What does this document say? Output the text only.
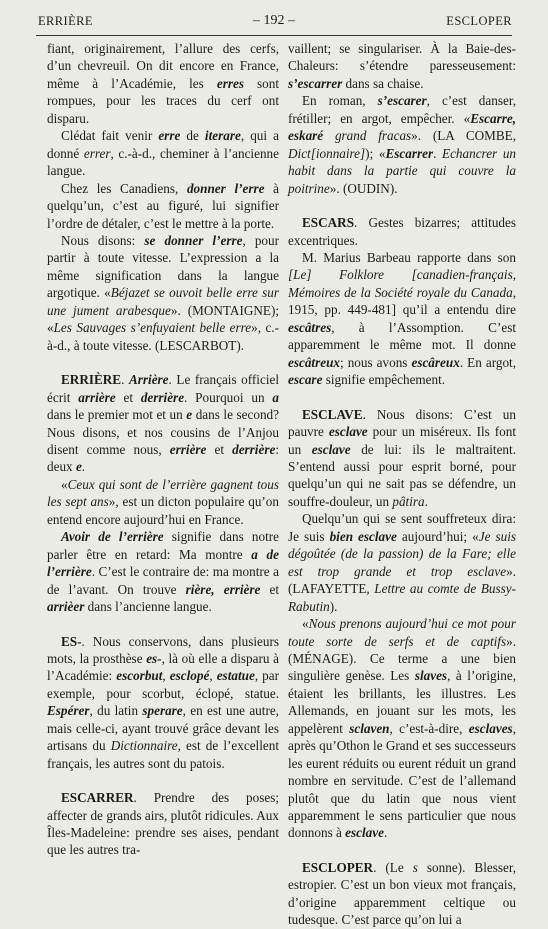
ERRIÈRE	– 192 –	ESCLOPER

fiant, originairement, l’allure des cerfs, d’un chevreuil. On dit encore en France, même à l’Académie, les erres sont rompues, pour les traces du cerf ont disparu.

Clédat fait venir erre de iterare, qui a donné errer, c.-à-d., cheminer à l’ancienne langue.

Chez les Canadiens, donner l’erre à quelqu’un, c’est au figuré, lui signifier l’ordre de détaler, c’est le mettre à la porte.

Nous disons: se donner l’erre, pour partir à toute vitesse. L’expression a la même signification dans la langue argotique. «Béjazet se ouvoit belle erre sur une jument arabesque». (MONTAIGNE); «Les Sauvages s’enfuyaient belle erre», c.-à-d., à toute vitesse. (LESCARBOT).

ERRIÈRE. Arrière. Le français officiel écrit arrière et derrière. Pourquoi un a dans le premier mot et un e dans le second? Nous disons, et nos cousins de l’Anjou disent comme nous, errière et derrière: deux e.

«Ceux qui sont de l’errière gagnent tous les sept ans», est un dicton populaire qu’on entend encore aujourd’hui en France.

Avoir de l’errière signifie dans notre parler être en retard: Ma montre a de l’errière. C’est le contraire de: ma montre a de l’avant. On trouve rière, errière et arrièer dans l’ancienne langue.

ES-. Nous conservons, dans plusieurs mots, la prosthèse es-, là où elle a disparu à l’Académie: escorbut, esclopé, estatue, par exemple, pour scorbut, éclopé, statue. Espérer, du latin sperare, en est une autre, mais celle-ci, ayant trouvé grâce devant les artisans du Dictionnaire, est de l’excellent français, les autres sont du patois.

ESCARRER. Prendre des poses; affecter de grands airs, plutôt ridicules. Aux Îles-Madeleine: prendre ses aises, pendant que les autres tra-

vaillent; se singulariser. À la Baie-des-Chaleurs: s’étendre paresseusement: s’escarrer dans sa chaise.

En roman, s’escarer, c’est danser, frétiller; en argot, empêcher. «Escarre, eskaré grand fracas». (LA COMBE, Dict[ionnaire]); «Escarrer. Echancrer un habit dans la partie qui couvre la poitrine». (OUDIN).

ESCARS. Gestes bizarres; attitudes excentriques.

M. Marius Barbeau rapporte dans son [Le] Folklore [canadien-français, Mémoires de la Société royale du Canada, 1915, pp. 449-481] qu’il a entendu dire escâtres, à l’Assomption. C’est apparemment le même mot. Il donne escâtreux; nous avons escâreux. En argot, escare signifie empêchement.

ESCLAVE. Nous disons: C’est un pauvre esclave pour un miséreux. Ils font un esclave de lui: ils le maltraitent. S’entend aussi pour esprit borné, pour quelqu’un qui ne sait pas se défendre, un souffre-douleur, un pâtira.

Quelqu’un qui se sent souffreteux dira: Je suis bien esclave aujourd’hui; «Je suis dégoûtée (de la passion) de la Fare; elle est trop grande et trop esclave». (LAFAYETTE, Lettre au comte de Bussy-Rabutin).

«Nous prenons aujourd’hui ce mot pour toute sorte de serfs et de captifs». (MÉNAGE). Ce terme a une bien singulière genèse. Les slaves, à l’origine, étaient les brillants, les illustres. Les Allemands, en jouant sur les mots, les appelèrent sclaven, c’est-à-dire, esclaves, après qu’Othon le Grand et ses successeurs les eurent réduits ou eurent réduit un grand nombre en servitude. C’est de l’allemand plutôt que du latin que nous vient apparemment le sens particulier que nous donnons à esclave.

ESCLOPER. (Le s sonne). Blesser, estropier. C’est un bon vieux mot français, d’origine apparemment celtique ou tudesque. C’est parce qu’on lui a
